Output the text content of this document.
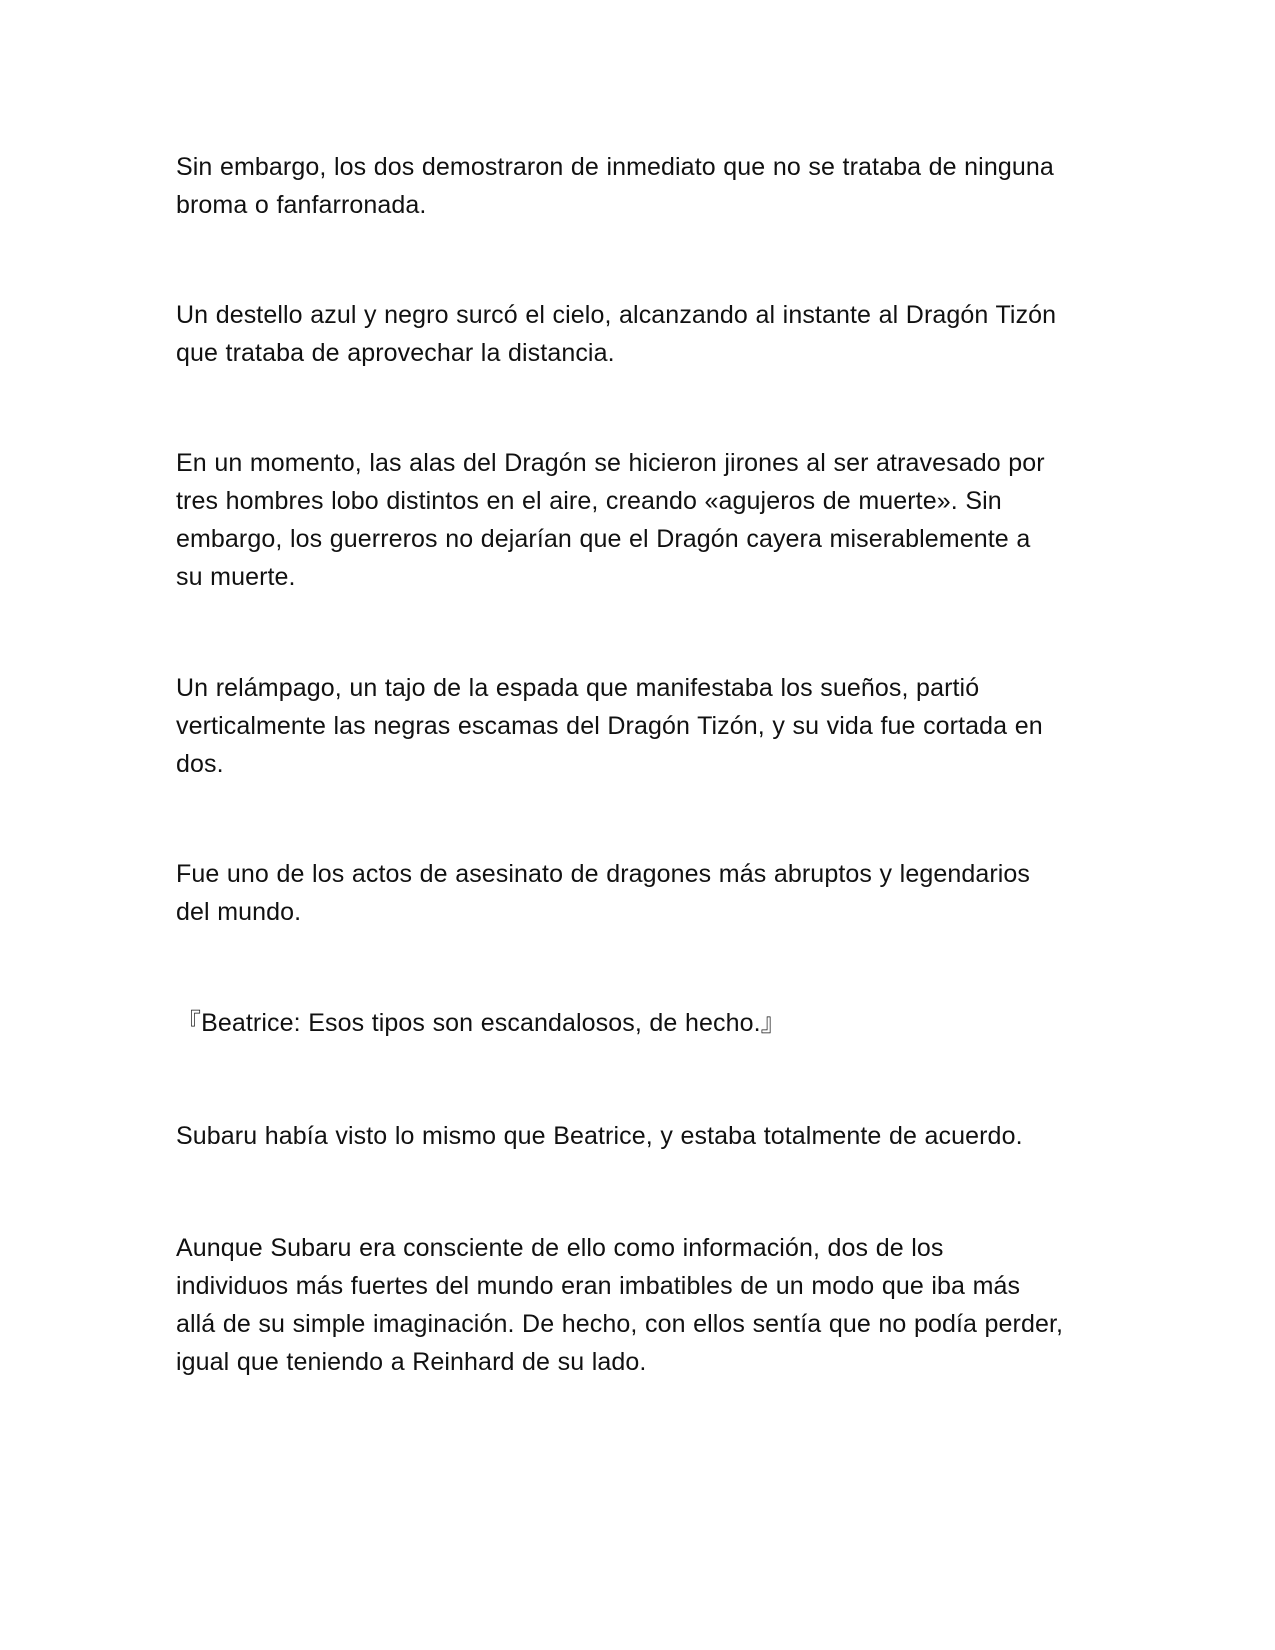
Sin embargo, los dos demostraron de inmediato que no se trataba de ninguna
broma o fanfarronada.

Un destello azul y negro surcó el cielo, alcanzando al instante al Dragón Tizón
que trataba de aprovechar la distancia.

En un momento, las alas del Dragón se hicieron jirones al ser atravesado por
tres hombres lobo distintos en el aire, creando «agujeros de muerte». Sin
embargo, los guerreros no dejarían que el Dragón cayera miserablemente a
su muerte.

Un relámpago, un tajo de la espada que manifestaba los sueños, partió
verticalmente las negras escamas del Dragón Tizón, y su vida fue cortada en
dos.

Fue uno de los actos de asesinato de dragones más abruptos y legendarios
del mundo.

『Beatrice: Esos tipos son escandalosos, de hecho.』

Subaru había visto lo mismo que Beatrice, y estaba totalmente de acuerdo.

Aunque Subaru era consciente de ello como información, dos de los
individuos más fuertes del mundo eran imbatibles de un modo que iba más
allá de su simple imaginación. De hecho, con ellos sentía que no podía perder,
igual que teniendo a Reinhard de su lado.
